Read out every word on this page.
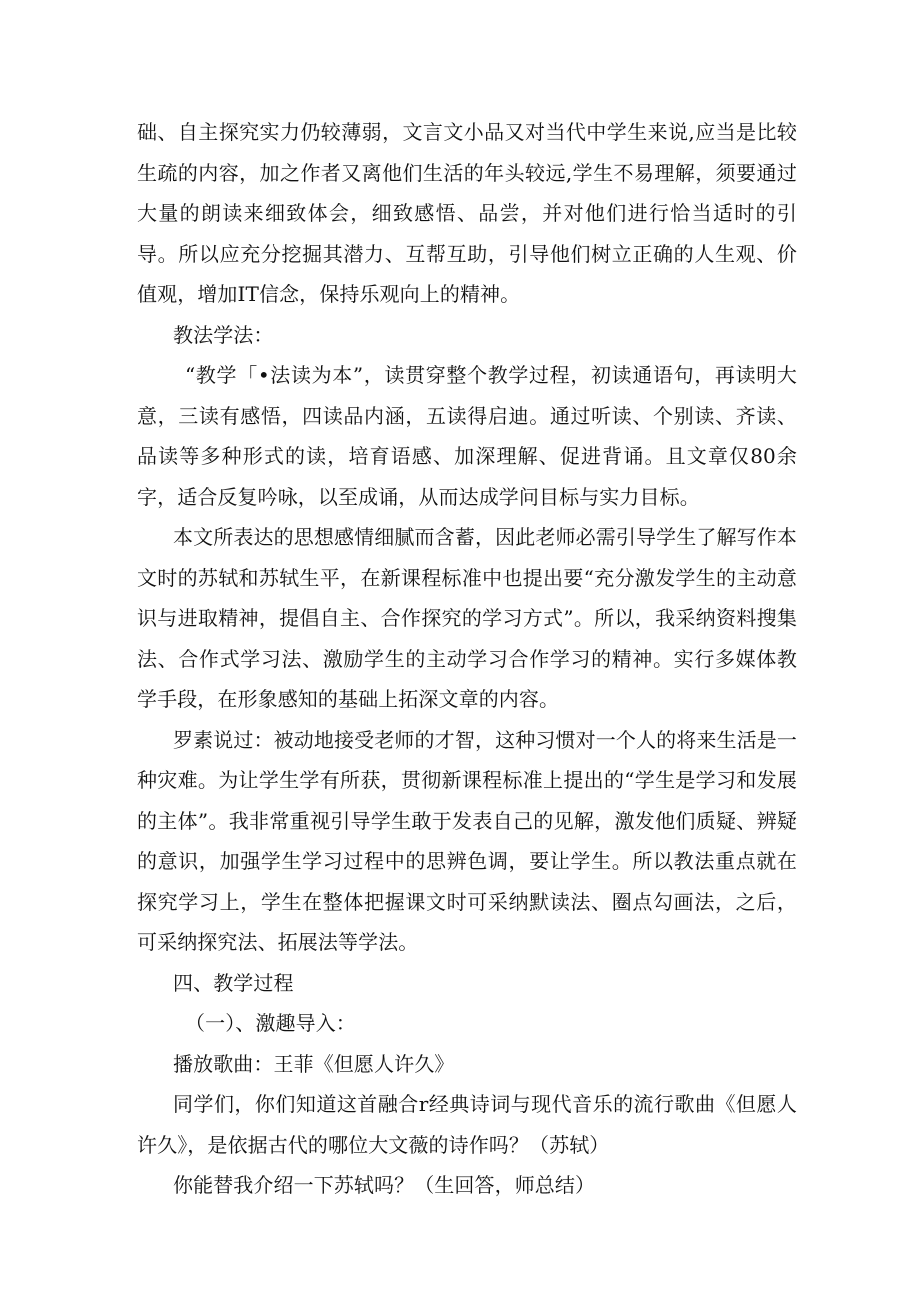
础、自主探究实力仍较薄弱，文言文小品又对当代中学生来说,应当是比较生疏的内容，加之作者又离他们生活的年头较远,学生不易理解，须要通过大量的朗读来细致体会，细致感悟、品尝，并对他们进行恰当适时的引导。所以应充分挖掘其潜力、互帮互助，引导他们树立正确的人生观、价值观，增加IT信念，保持乐观向上的精神。

教法学法：

“教学「•法读为本”，读贯穿整个教学过程，初读通语句，再读明大意，三读有感悟，四读品内涵，五读得启迪。通过听读、个别读、齐读、品读等多种形式的读，培育语感、加深理解、促进背诵。且文章仅80余字，适合反复吟咏，以至成诵，从而达成学问目标与实力目标。

本文所表达的思想感情细腻而含蓄，因此老师必需引导学生了解写作本文时的苏轼和苏轼生平，在新课程标准中也提出要“充分激发学生的主动意识与进取精神，提倡自主、合作探究的学习方式”。所以，我采纳资料搜集法、合作式学习法、激励学生的主动学习合作学习的精神。实行多媒体教学手段，在形象感知的基础上拓深文章的内容。

罗素说过：被动地接受老师的才智，这种习惯对一个人的将来生活是一种灾难。为让学生学有所获，贯彻新课程标准上提出的“学生是学习和发展的主体”。我非常重视引导学生敢于发表自己的见解，激发他们质疑、辨疑的意识，加强学生学习过程中的思辨色调，要让学生。所以教法重点就在探究学习上，学生在整体把握课文时可采纳默读法、圈点勾画法，之后，可采纳探究法、拓展法等学法。

四、教学过程

（一）、激趣导入：

播放歌曲：王菲《但愿人许久》

同学们，你们知道这首融合r经典诗词与现代音乐的流行歌曲《但愿人许久》，是依据古代的哪位大文薇的诗作吗？（苏轼）

你能替我介绍一下苏轼吗？（生回答，师总结）
